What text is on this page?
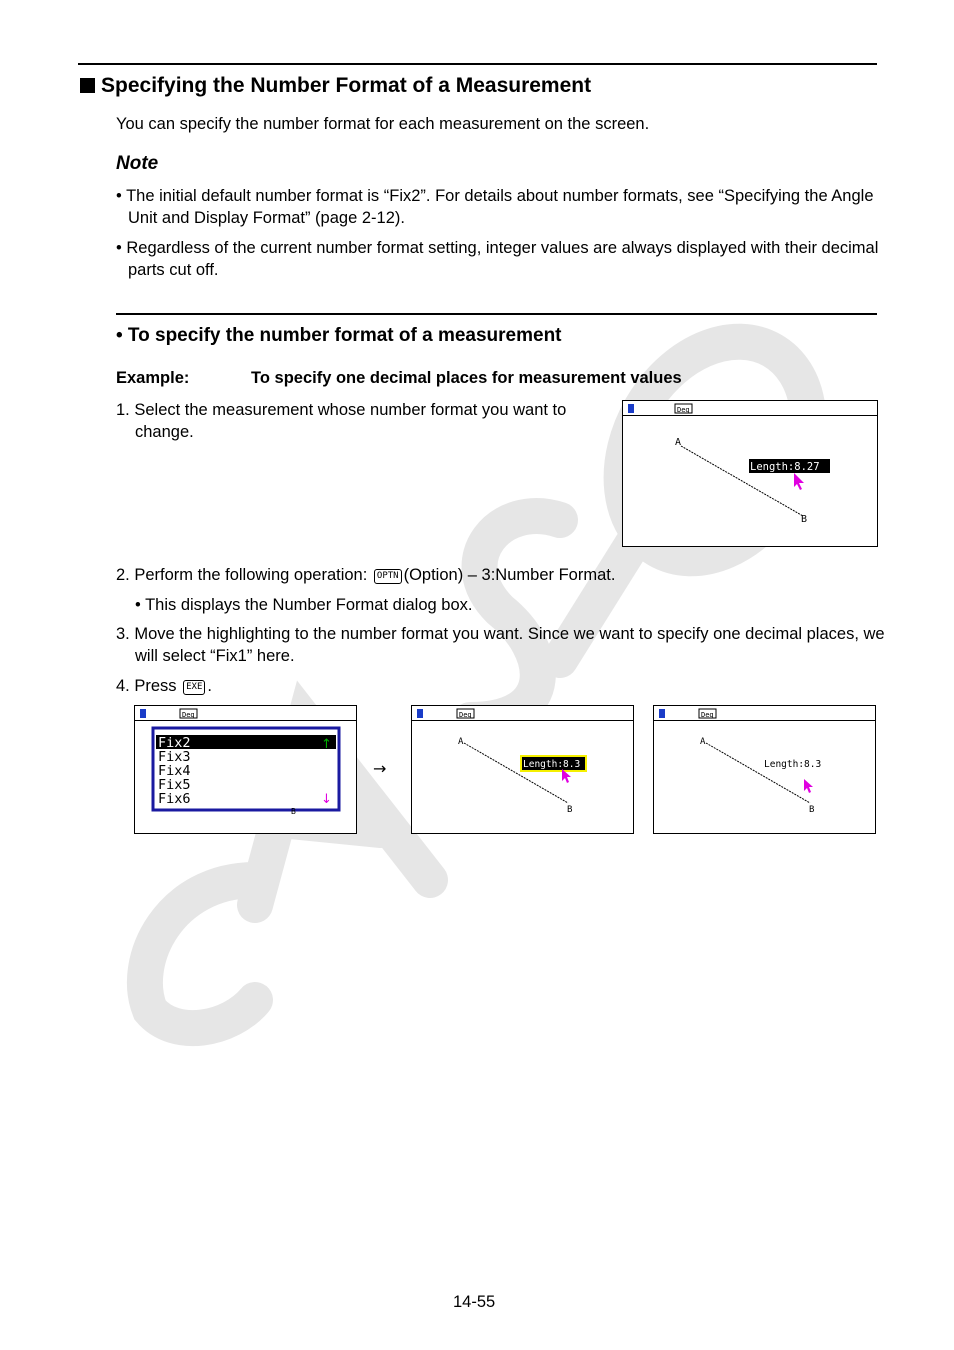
Specifying the Number Format of a Measurement
You can specify the number format for each measurement on the screen.
Note
• The initial default number format is “Fix2”. For details about number formats, see “Specifying the Angle Unit and Display Format” (page 2-12).
• Regardless of the current number format setting, integer values are always displayed with their decimal parts cut off.
• To specify the number format of a measurement
Example:	To specify one decimal places for measurement values
1. Select the measurement whose number format you want to change.
Deg
A
B
Length:8.27
2. Perform the following operation: OPTN (Option) – 3:Number Format.
• This displays the Number Format dialog box.
3. Move the highlighting to the number format you want. Since we want to specify one decimal places, we will select “Fix1” here.
4. Press EXE .
Deg
Fix2
Fix3
Fix4
Fix5
Fix6
↑
↓
B
→
Deg
A
B
Length:8.3
Deg
A
B
Length:8.3
14-55
